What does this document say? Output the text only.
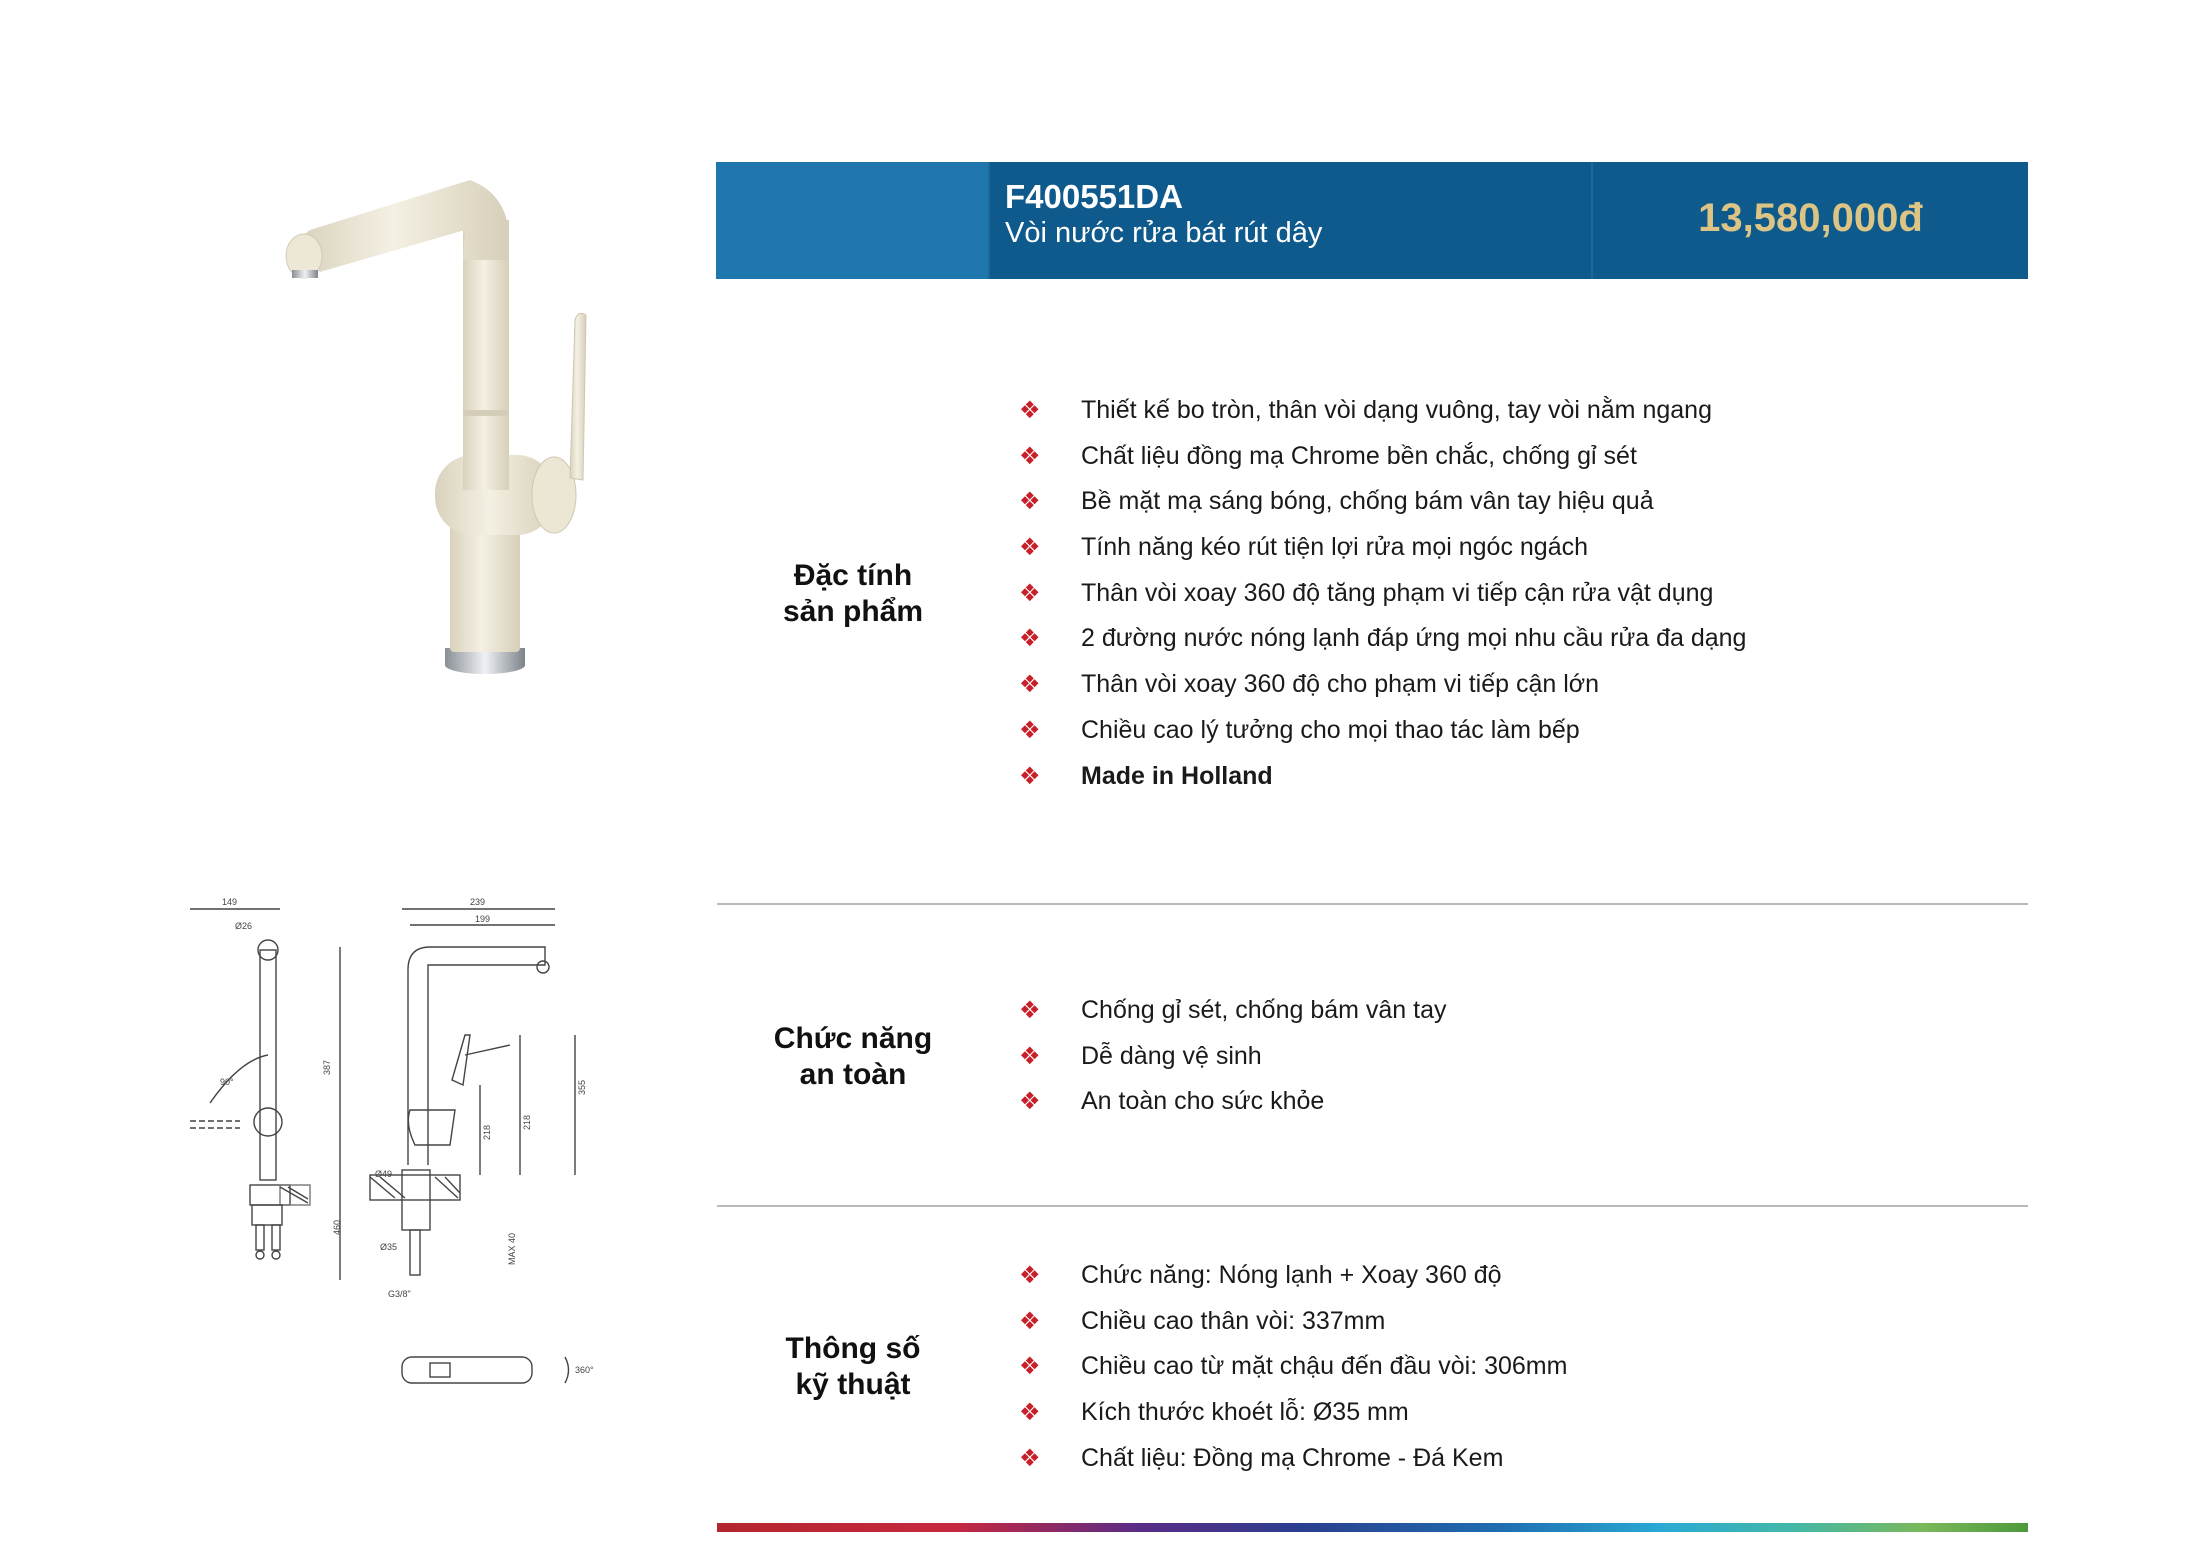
149
Ø26
90°
239
199
387
355
218
218
Ø49
Ø35
460
MAX 40
G3/8"
360°
F400551DA
Vòi nước rửa bát rút dây	13,580,000đ
Đặc tính
sản phẩm
❖ Thiết kế bo tròn, thân vòi dạng vuông, tay vòi nằm ngang
❖ Chất liệu đồng mạ Chrome bền chắc, chống gỉ sét
❖ Bề mặt mạ sáng bóng, chống bám vân tay hiệu quả
❖ Tính năng kéo rút tiện lợi rửa mọi ngóc ngách
❖ Thân vòi xoay 360 độ tăng phạm vi tiếp cận rửa vật dụng
❖ 2 đường nước nóng lạnh đáp ứng mọi nhu cầu rửa đa dạng
❖ Thân vòi xoay 360 độ cho phạm vi tiếp cận lớn
❖ Chiều cao lý tưởng cho mọi thao tác làm bếp
❖ Made in Holland
Chức năng
an toàn
❖ Chống gỉ sét, chống bám vân tay
❖ Dễ dàng vệ sinh
❖ An toàn cho sức khỏe
Thông số
kỹ thuật
❖ Chức năng: Nóng lạnh + Xoay 360 độ
❖ Chiều cao thân vòi: 337mm
❖ Chiều cao từ mặt chậu đến đầu vòi: 306mm
❖ Kích thước khoét lỗ: Ø35 mm
❖ Chất liệu: Đồng mạ Chrome - Đá Kem
